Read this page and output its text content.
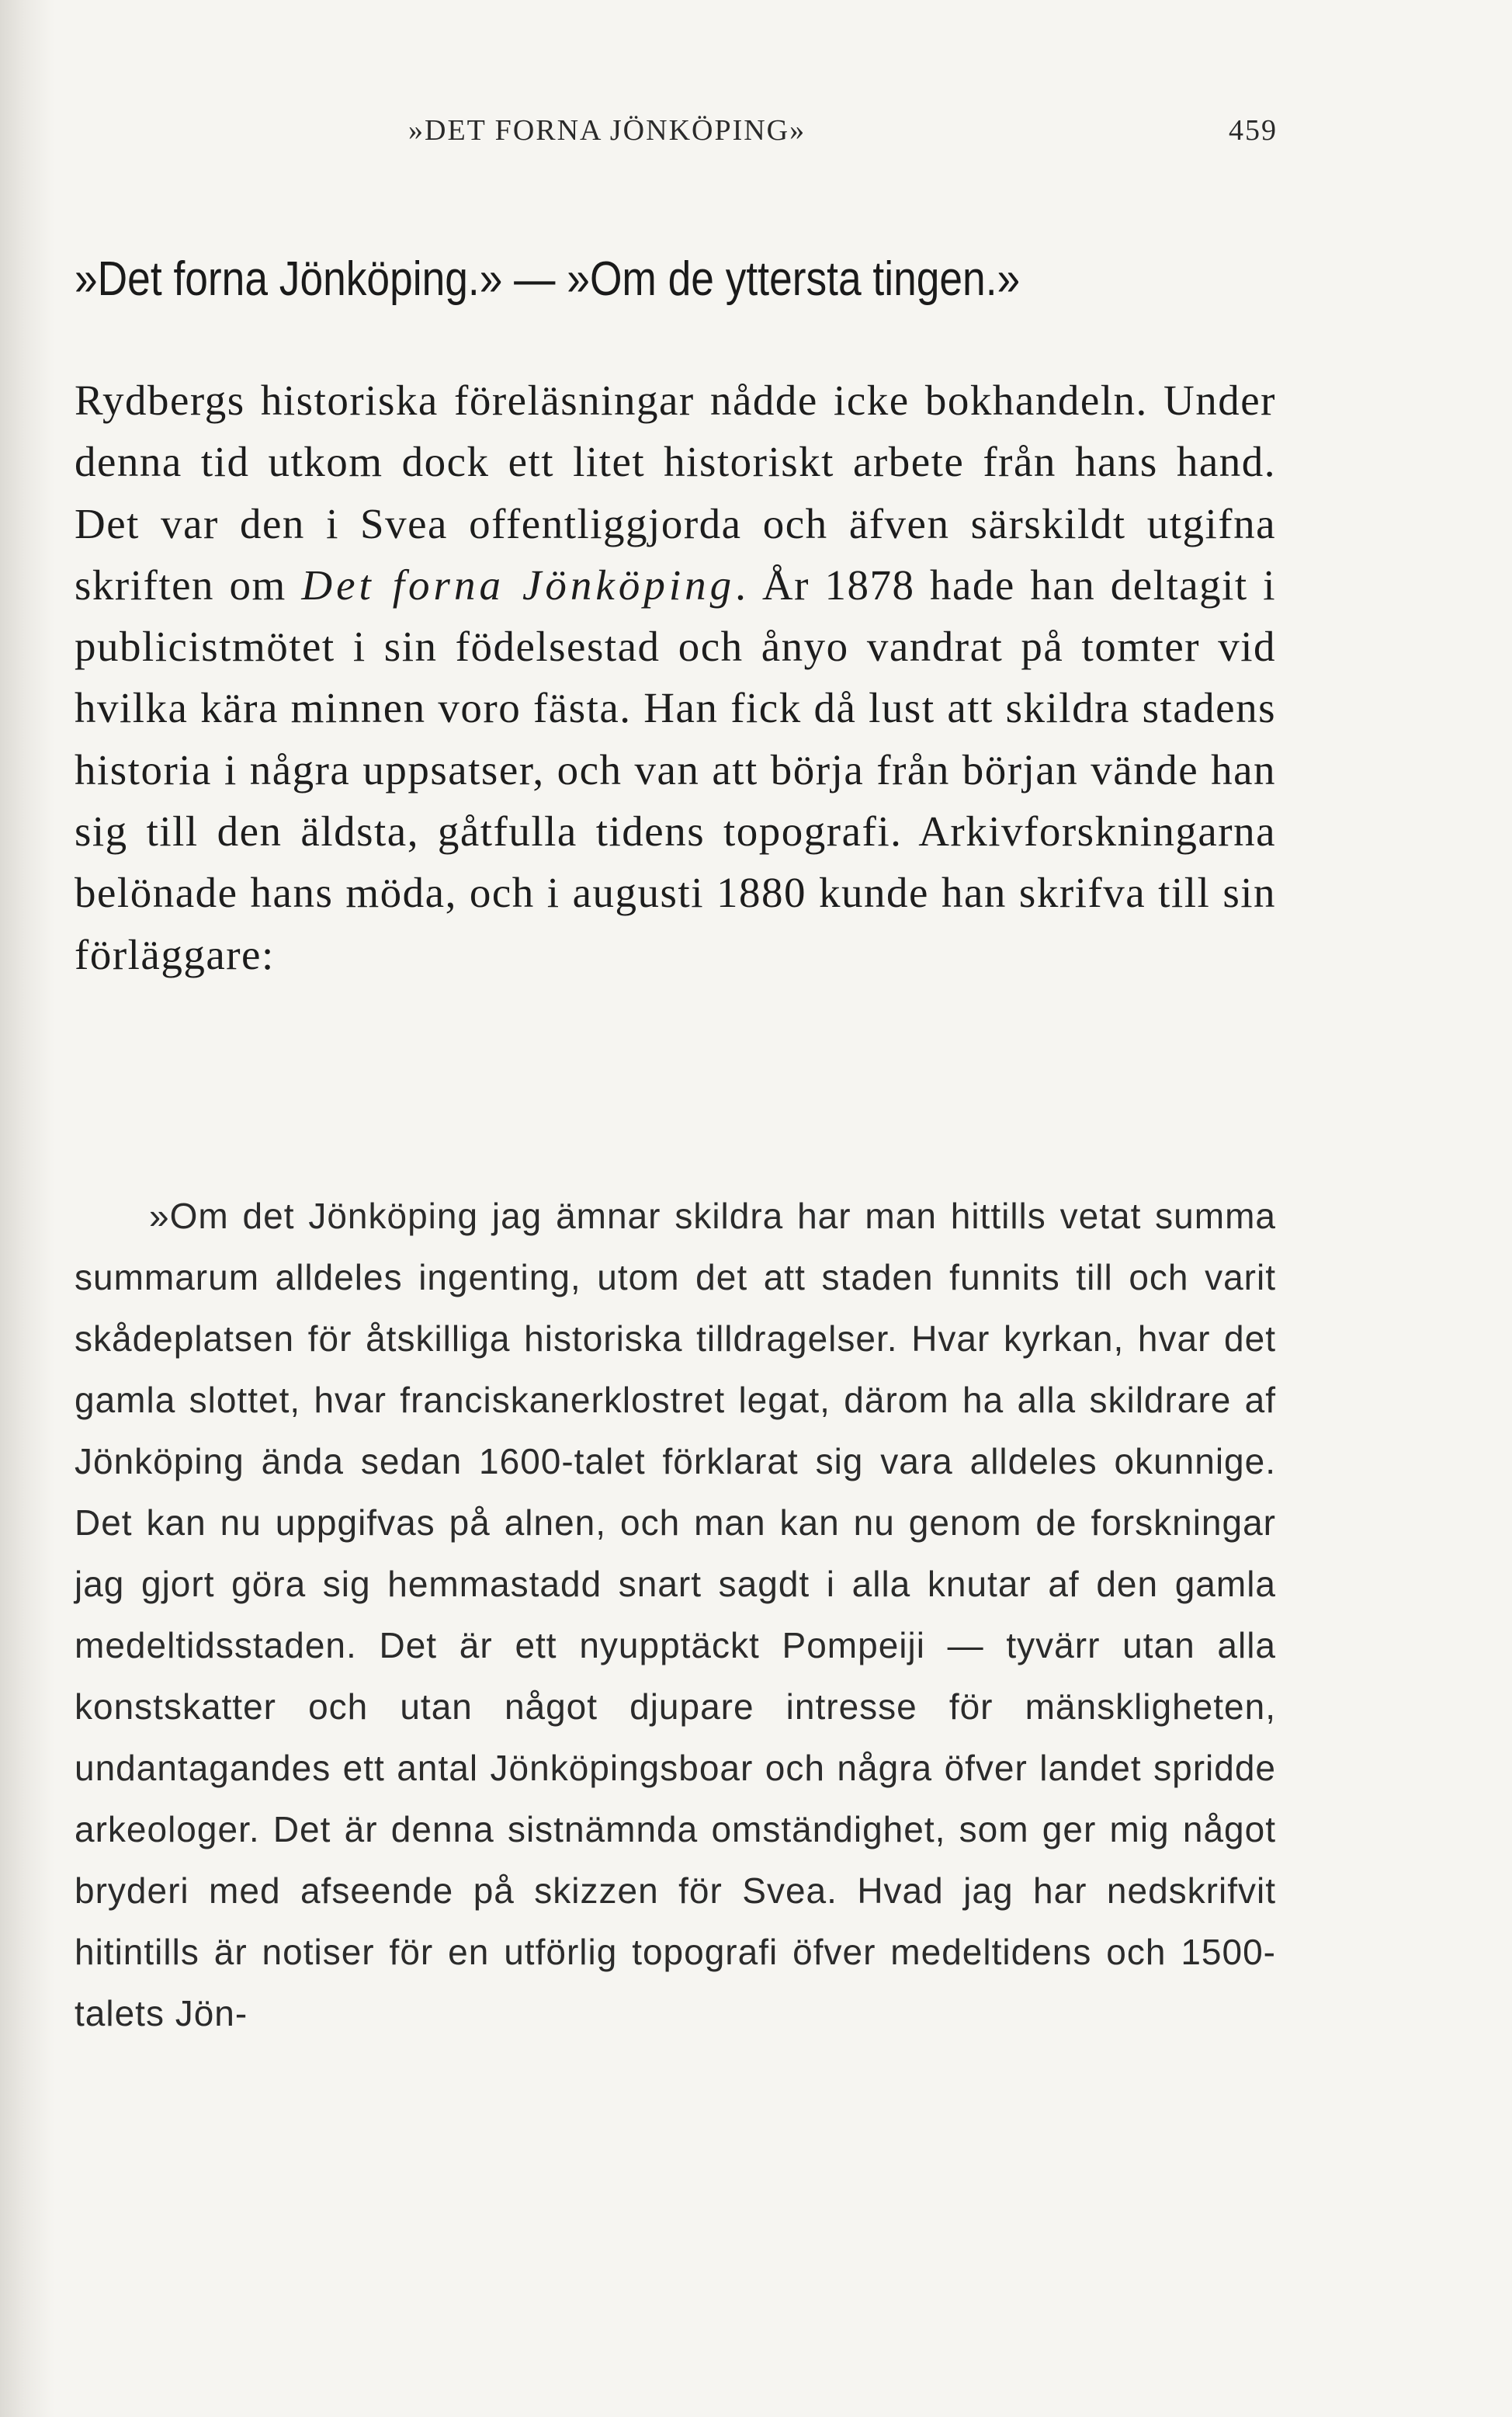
»DET FORNA JÖNKÖPING»	459
»Det forna Jönköping.» — »Om de yttersta tingen.»

Rydbergs historiska föreläsningar nådde icke bokhandeln. Under denna tid utkom dock ett litet historiskt arbete från hans hand. Det var den i Svea offentliggjorda och äfven särskildt utgifna skriften om Det forna Jönköping. År 1878 hade han deltagit i publicistmötet i sin födelsestad och ånyo vandrat på tomter vid hvilka kära minnen voro fästa. Han fick då lust att skildra stadens historia i några uppsatser, och van att börja från början vände han sig till den äldsta, gåtfulla tidens topografi. Arkivforskningarna belönade hans möda, och i augusti 1880 kunde han skrifva till sin förläggare:

»Om det Jönköping jag ämnar skildra har man hittills vetat summa summarum alldeles ingenting, utom det att staden funnits till och varit skådeplatsen för åtskilliga historiska tilldragelser. Hvar kyrkan, hvar det gamla slottet, hvar franciskanerklostret legat, därom ha alla skildrare af Jönköping ända sedan 1600-talet förklarat sig vara alldeles okunnige. Det kan nu uppgifvas på alnen, och man kan nu genom de forskningar jag gjort göra sig hemmastadd snart sagdt i alla knutar af den gamla medeltidsstaden. Det är ett nyupptäckt Pompeiji — tyvärr utan alla konstskatter och utan något djupare intresse för mänskligheten, undantagandes ett antal Jönköpingsboar och några öfver landet spridde arkeologer. Det är denna sistnämnda omständighet, som ger mig något bryderi med afseende på skizzen för Svea. Hvad jag har nedskrifvit hitintills är notiser för en utförlig topografi öfver medeltidens och 1500-talets Jön-
